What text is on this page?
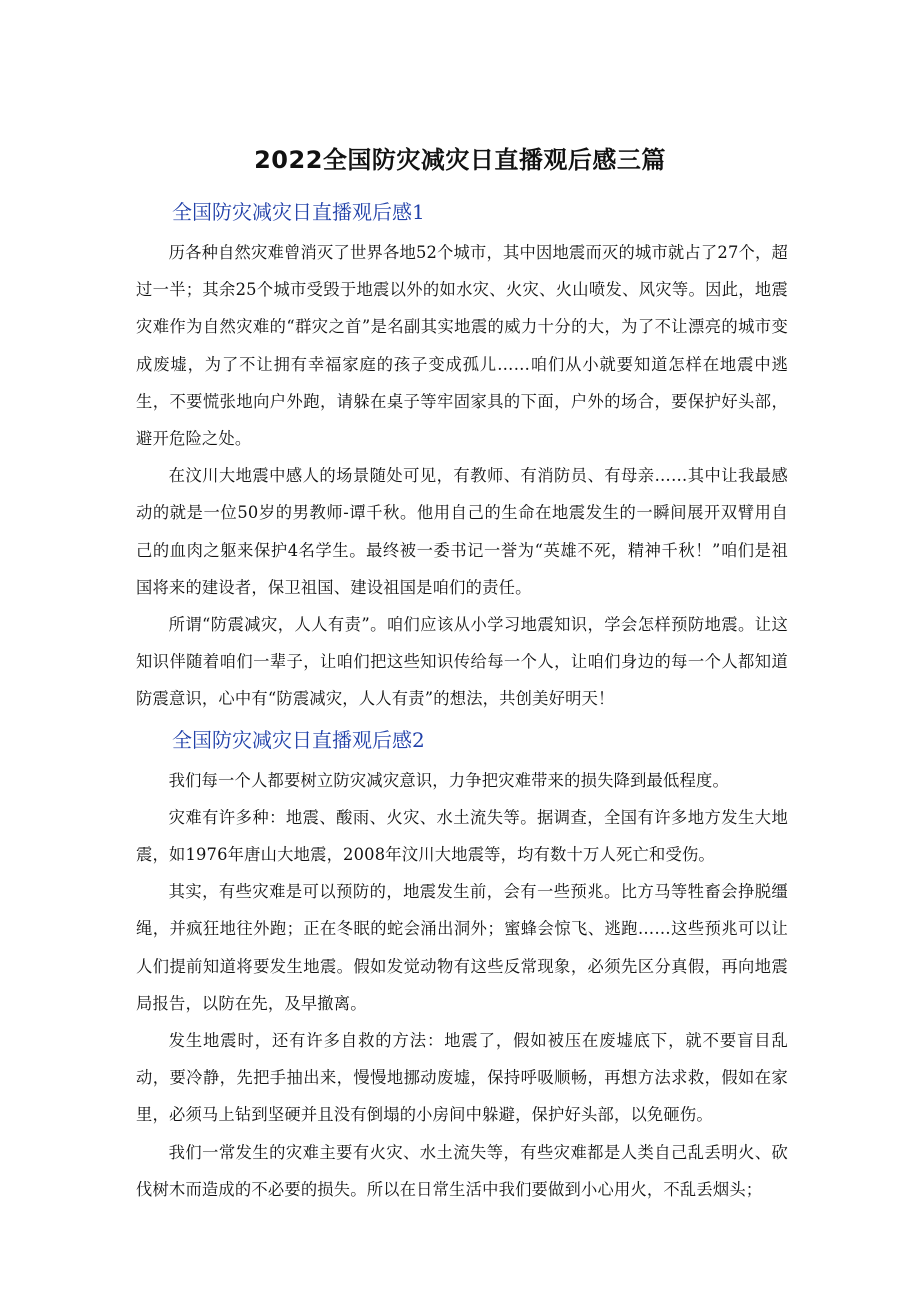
2022全国防灾减灾日直播观后感三篇
全国防灾减灾日直播观后感1

历各种自然灾难曾消灭了世界各地52个城市，其中因地震而灭的城市就占了27个，超过一半；其余25个城市受毁于地震以外的如水灾、火灾、火山喷发、风灾等。因此，地震灾难作为自然灾难的“群灾之首”是名副其实地震的威力十分的大，为了不让漂亮的城市变成废墟，为了不让拥有幸福家庭的孩子变成孤儿……咱们从小就要知道怎样在地震中逃生，不要慌张地向户外跑，请躲在桌子等牢固家具的下面，户外的场合，要保护好头部，避开危险之处。

在汶川大地震中感人的场景随处可见，有教师、有消防员、有母亲……其中让我最感动的就是一位50岁的男教师-谭千秋。他用自己的生命在地震发生的一瞬间展开双臂用自己的血肉之躯来保护4名学生。最终被一委书记一誉为“英雄不死，精神千秋！”咱们是祖国将来的建设者，保卫祖国、建设祖国是咱们的责任。

所谓“防震减灾，人人有责”。咱们应该从小学习地震知识，学会怎样预防地震。让这知识伴随着咱们一辈子，让咱们把这些知识传给每一个人，让咱们身边的每一个人都知道防震意识，心中有“防震减灾，人人有责”的想法，共创美好明天！

全国防灾减灾日直播观后感2

我们每一个人都要树立防灾减灾意识，力争把灾难带来的损失降到最低程度。

灾难有许多种：地震、酸雨、火灾、水土流失等。据调查，全国有许多地方发生大地震，如1976年唐山大地震，2008年汶川大地震等，均有数十万人死亡和受伤。

其实，有些灾难是可以预防的，地震发生前，会有一些预兆。比方马等牲畜会挣脱缰绳，并疯狂地往外跑；正在冬眠的蛇会涌出洞外；蜜蜂会惊飞、逃跑……这些预兆可以让人们提前知道将要发生地震。假如发觉动物有这些反常现象，必须先区分真假，再向地震局报告，以防在先，及早撤离。

发生地震时，还有许多自救的方法：地震了，假如被压在废墟底下，就不要盲目乱动，要冷静，先把手抽出来，慢慢地挪动废墟，保持呼吸顺畅，再想方法求救，假如在家里，必须马上钻到坚硬并且没有倒塌的小房间中躲避，保护好头部，以免砸伤。

我们一常发生的灾难主要有火灾、水土流失等，有些灾难都是人类自己乱丢明火、砍伐树木而造成的不必要的损失。所以在日常生活中我们要做到小心用火，不乱丢烟头；
